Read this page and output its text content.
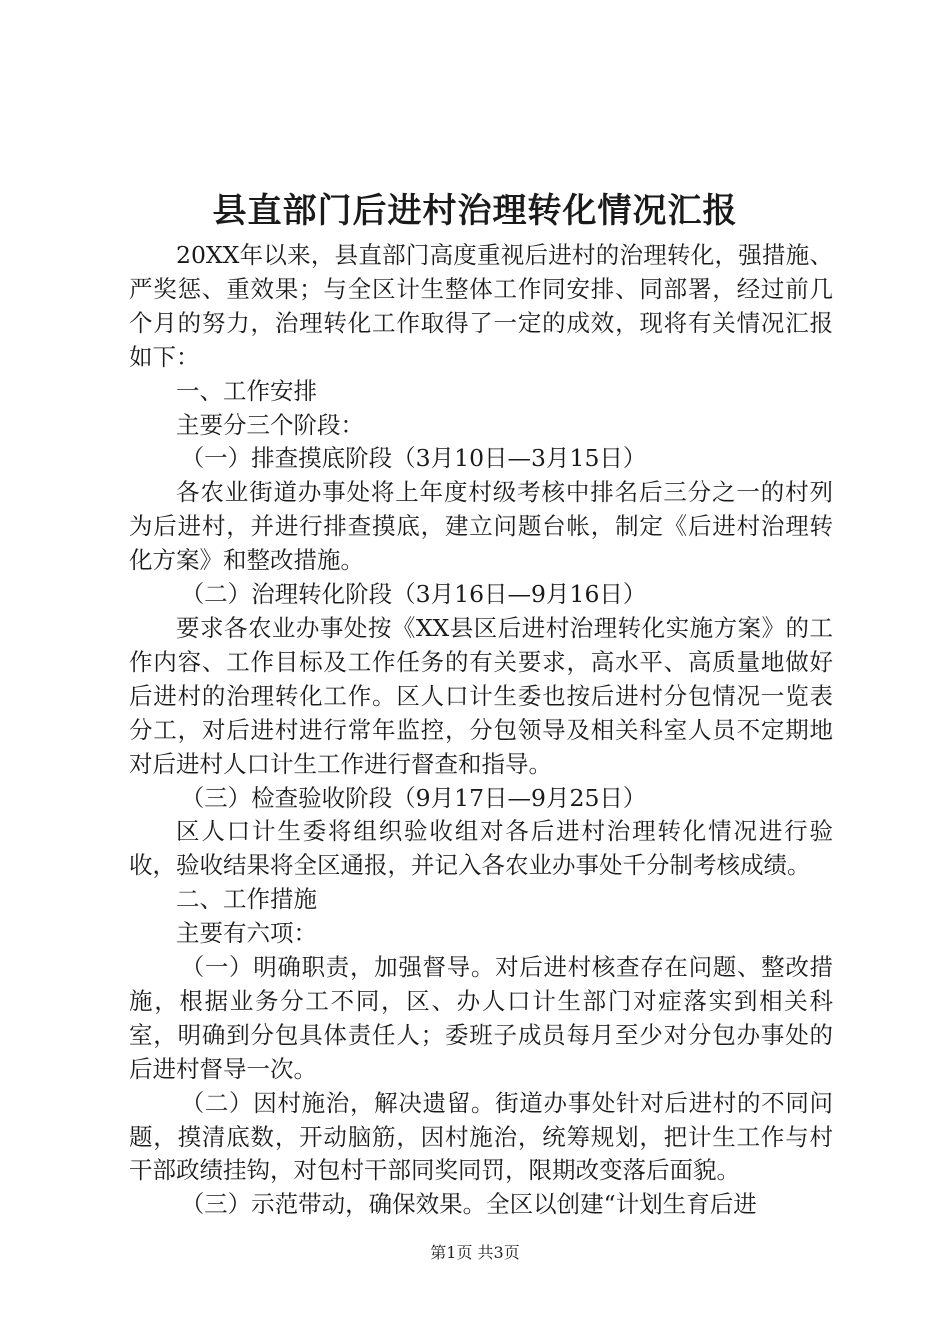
县直部门后进村治理转化情况汇报

20XX年以来，县直部门高度重视后进村的治理转化，强措施、严奖惩、重效果；与全区计生整体工作同安排、同部署，经过前几个月的努力，治理转化工作取得了一定的成效，现将有关情况汇报如下：

一、工作安排

主要分三个阶段：

（一）排查摸底阶段（3月10日—3月15日）

各农业街道办事处将上年度村级考核中排名后三分之一的村列为后进村，并进行排查摸底，建立问题台帐，制定《后进村治理转化方案》和整改措施。

（二）治理转化阶段（3月16日—9月16日）

要求各农业办事处按《XX县区后进村治理转化实施方案》的工作内容、工作目标及工作任务的有关要求，高水平、高质量地做好后进村的治理转化工作。区人口计生委也按后进村分包情况一览表分工，对后进村进行常年监控，分包领导及相关科室人员不定期地对后进村人口计生工作进行督查和指导。

（三）检查验收阶段（9月17日—9月25日）

区人口计生委将组织验收组对各后进村治理转化情况进行验收，验收结果将全区通报，并记入各农业办事处千分制考核成绩。

二、工作措施

主要有六项：

（一）明确职责，加强督导。对后进村核查存在问题、整改措施，根据业务分工不同，区、办人口计生部门对症落实到相关科室，明确到分包具体责任人；委班子成员每月至少对分包办事处的后进村督导一次。

（二）因村施治，解决遗留。街道办事处针对后进村的不同问题，摸清底数，开动脑筋，因村施治，统筹规划，把计生工作与村干部政绩挂钩，对包村干部同奖同罚，限期改变落后面貌。

（三）示范带动，确保效果。全区以创建“计划生育后进

第1页 共3页
